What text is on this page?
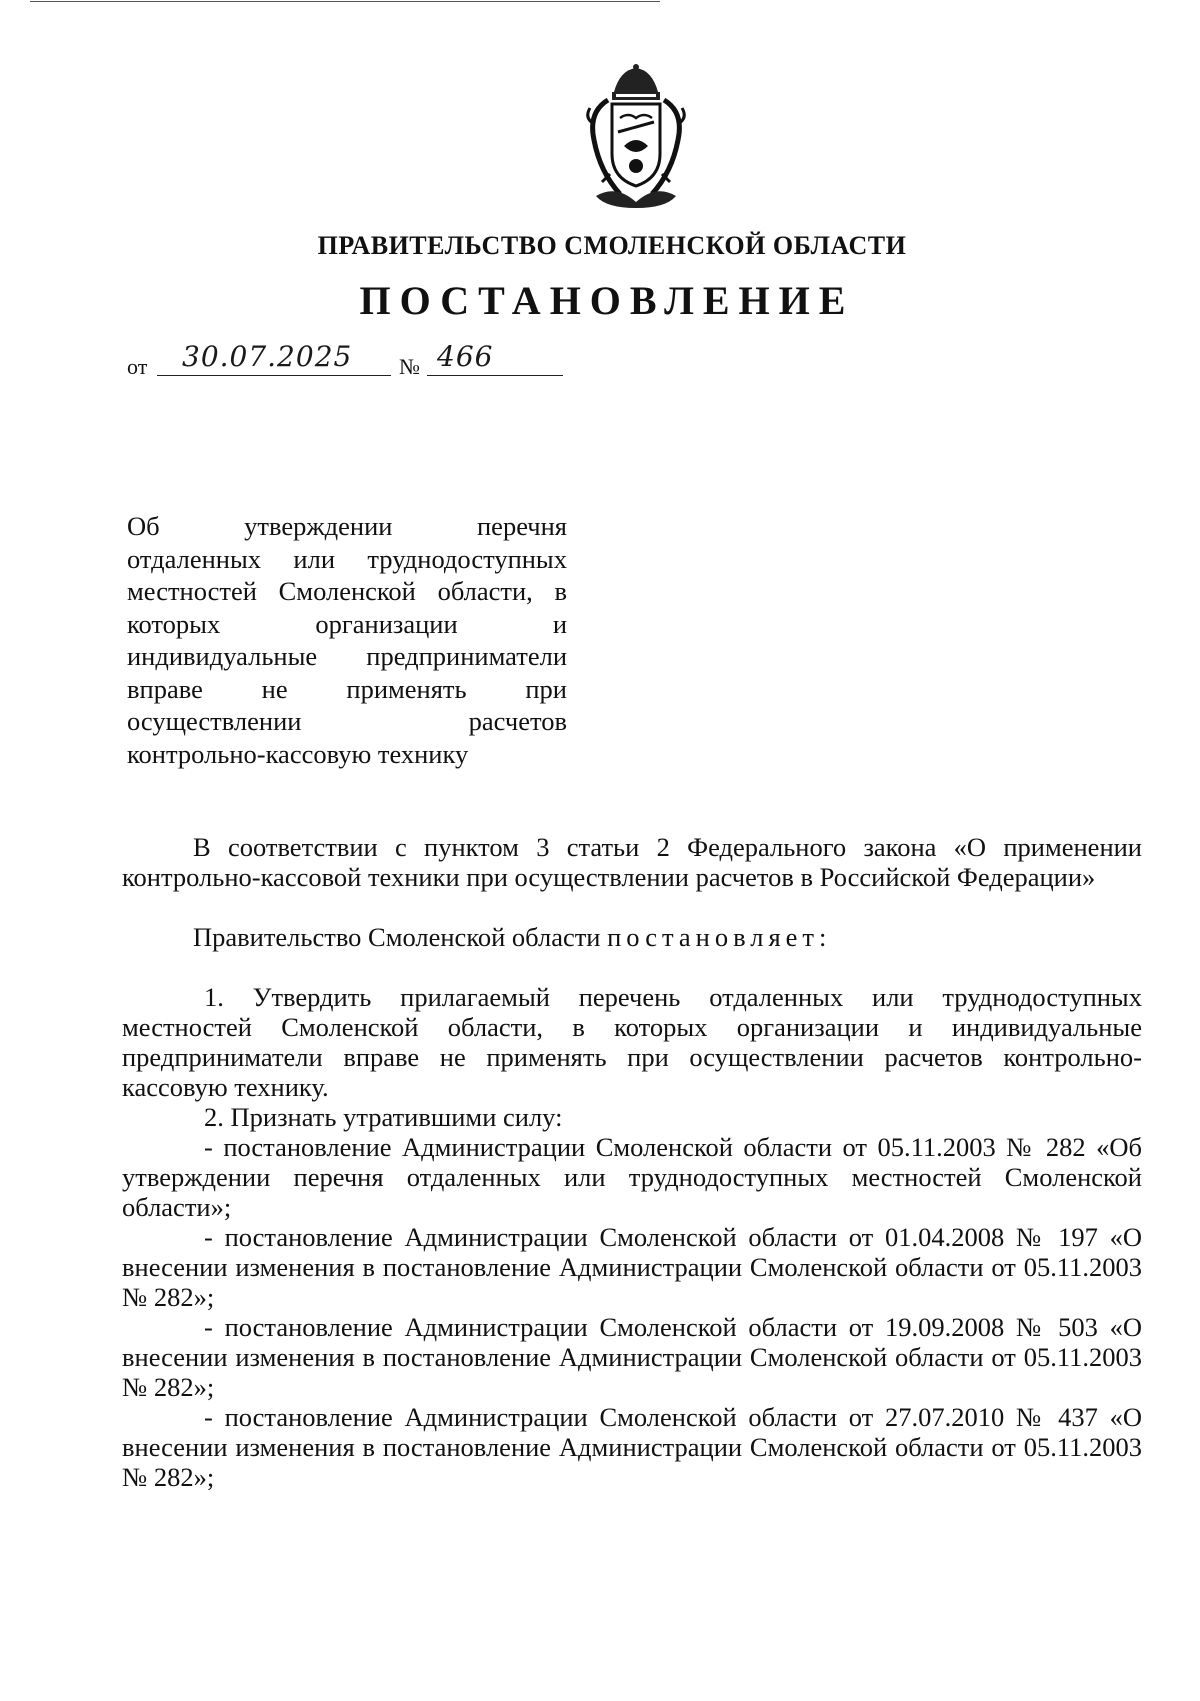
ПРАВИТЕЛЬСТВО СМОЛЕНСКОЙ ОБЛАСТИ
ПОСТАНОВЛЕНИЕ
от 30.07.2025 № 466
Об утверждении перечня
отдаленных или труднодоступных
местностей Смоленской области, в
которых организации и
индивидуальные предприниматели
вправе не применять при
осуществлении расчетов
контрольно-кассовую технику

В соответствии с пунктом 3 статьи 2 Федерального закона «О применении контрольно-кассовой техники при осуществлении расчетов в Российской Федерации»

Правительство Смоленской области постановляет:

1. Утвердить прилагаемый перечень отдаленных или труднодоступных местностей Смоленской области, в которых организации и индивидуальные предприниматели вправе не применять при осуществлении расчетов контрольно-кассовую технику.

2. Признать утратившими силу:

- постановление Администрации Смоленской области от 05.11.2003 № 282 «Об утверждении перечня отдаленных или труднодоступных местностей Смоленской области»;

- постановление Администрации Смоленской области от 01.04.2008 № 197 «О внесении изменения в постановление Администрации Смоленской области от 05.11.2003 № 282»;

- постановление Администрации Смоленской области от 19.09.2008 № 503 «О внесении изменения в постановление Администрации Смоленской области от 05.11.2003 № 282»;

- постановление Администрации Смоленской области от 27.07.2010 № 437 «О внесении изменения в постановление Администрации Смоленской области от 05.11.2003 № 282»;
